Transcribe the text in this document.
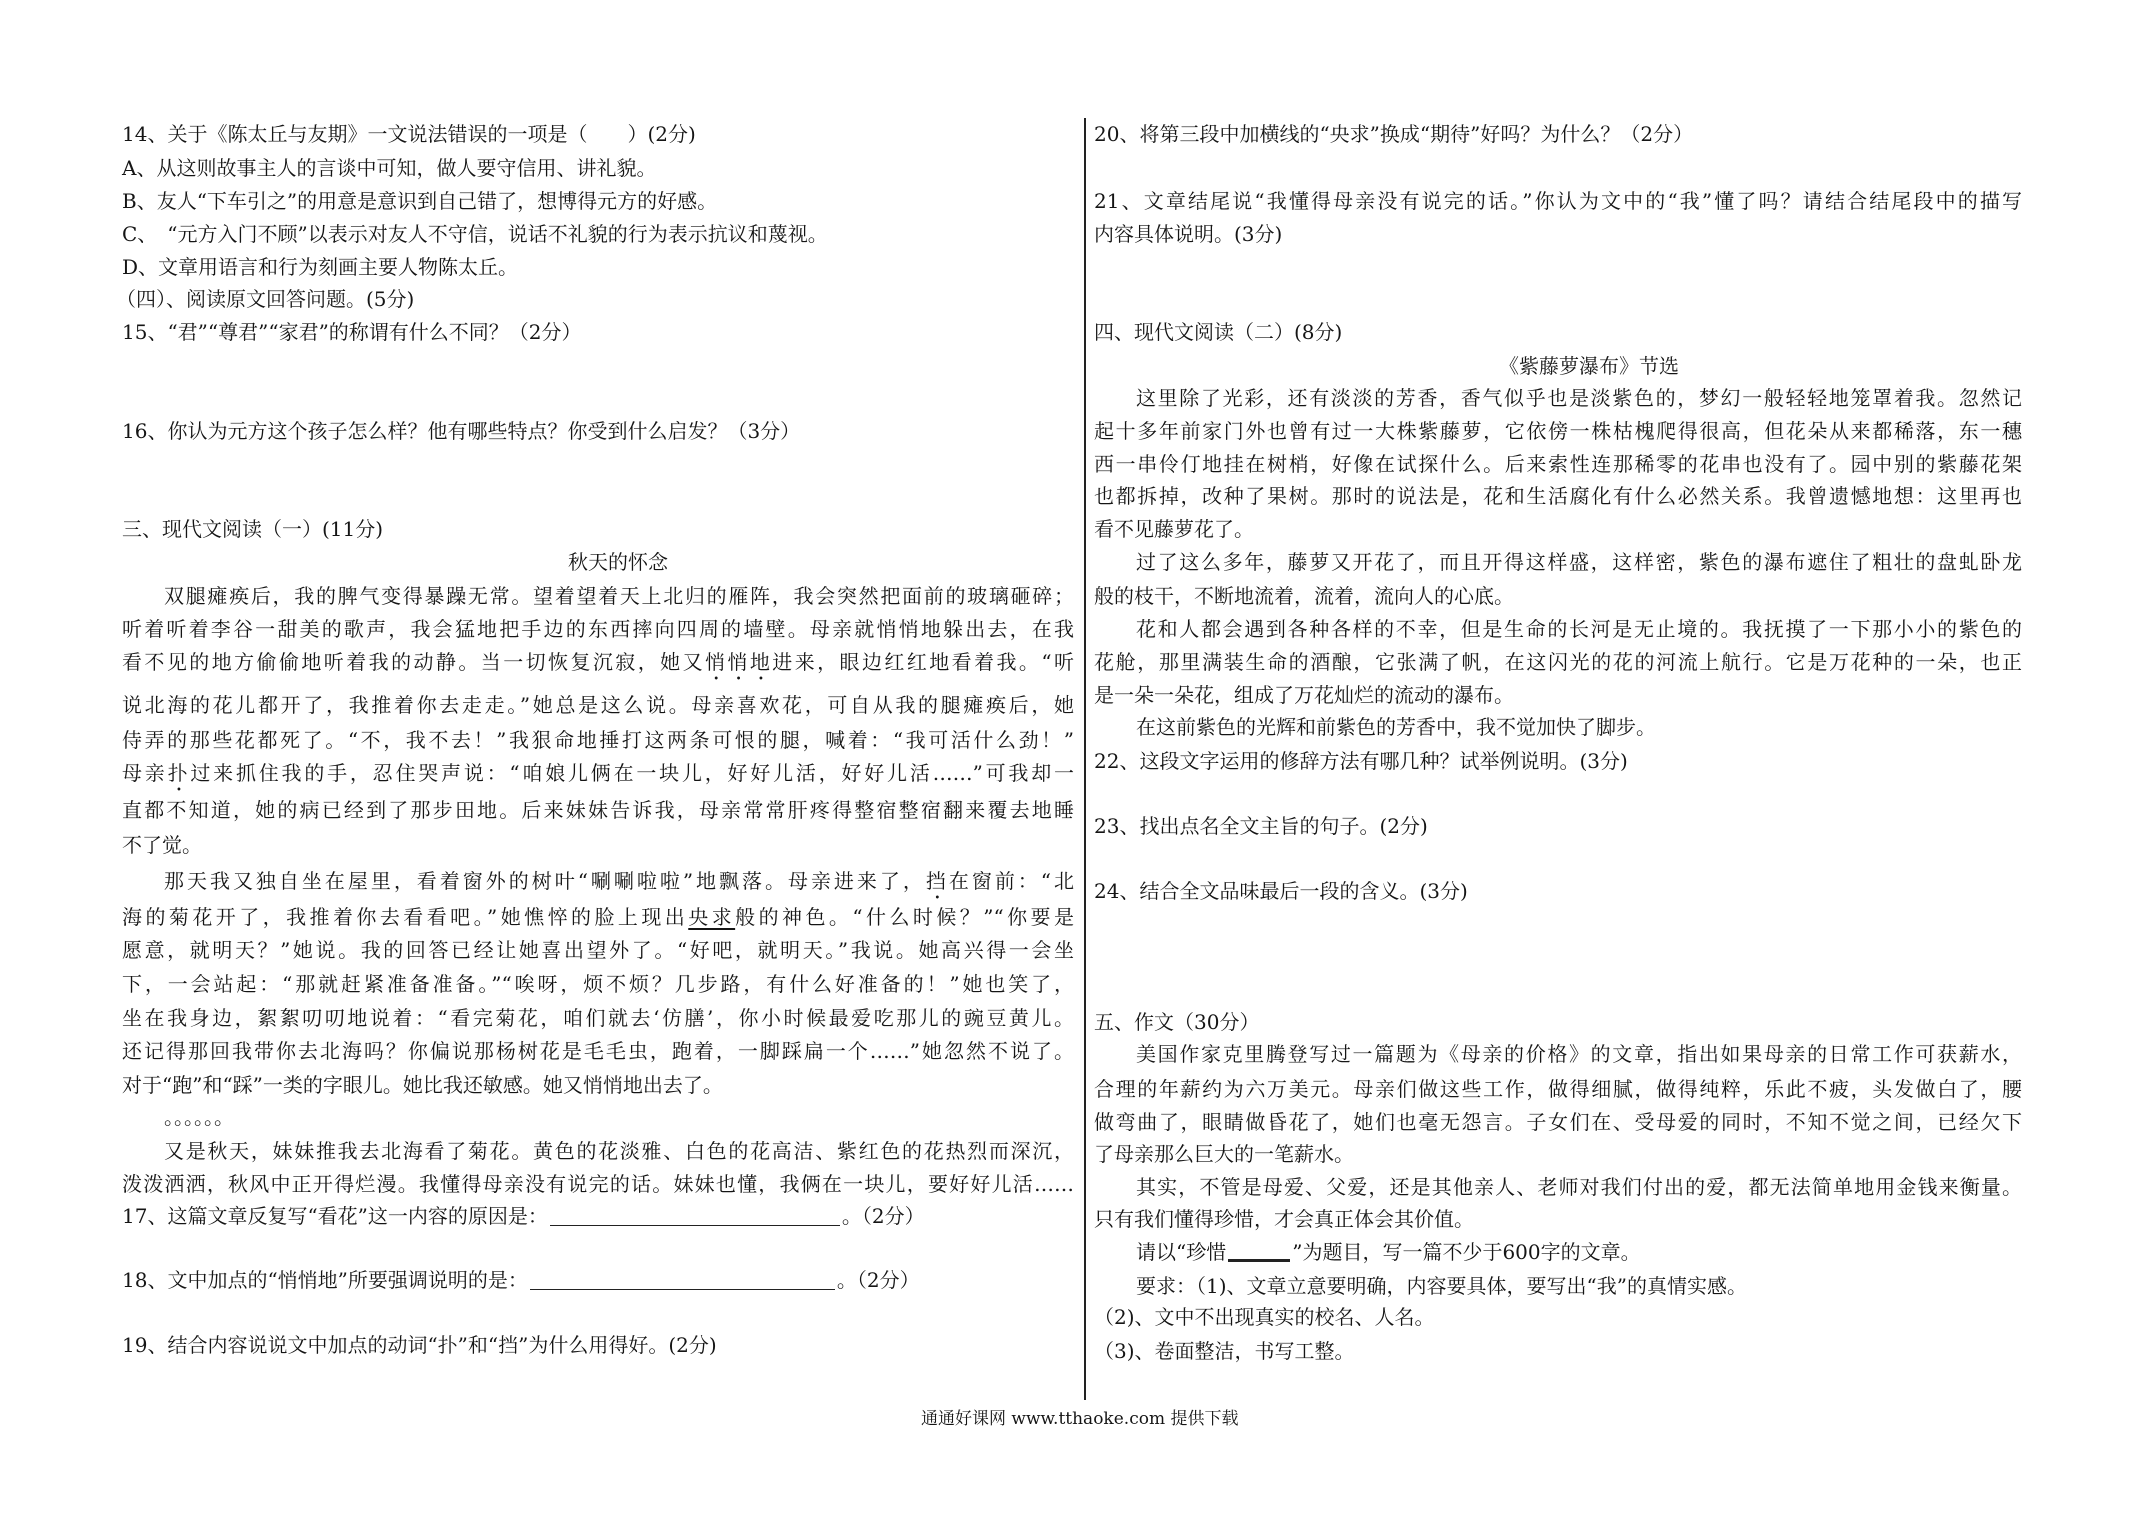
14、关于《陈太丘与友期》一文说法错误的一项是（　　）(2分)
A、从这则故事主人的言谈中可知，做人要守信用、讲礼貌。
B、友人“下车引之”的用意是意识到自己错了，想博得元方的好感。
C、　“元方入门不顾”以表示对友人不守信，说话不礼貌的行为表示抗议和蔑视。
D、文章用语言和行为刻画主要人物陈太丘。
（四）、阅读原文回答问题。(5分)
15、“君”“尊君”“家君”的称谓有什么不同？（2分）
16、你认为元方这个孩子怎么样？他有哪些特点？你受到什么启发？（3分）
三、现代文阅读（一）(11分)
秋天的怀念
双腿瘫痪后，我的脾气变得暴躁无常。望着望着天上北归的雁阵，我会突然把面前的玻璃砸碎；
听着听着李谷一甜美的歌声，我会猛地把手边的东西摔向四周的墙壁。母亲就悄悄地躲出去，在我
看不见的地方偷偷地听着我的动静。当一切恢复沉寂，她又悄悄地进来，眼边红红地看着我。“听
说北海的花儿都开了，我推着你去走走。”她总是这么说。母亲喜欢花，可自从我的腿瘫痪后，她
侍弄的那些花都死了。“不，我不去！”我狠命地捶打这两条可恨的腿，喊着：“我可活什么劲！”
母亲扑过来抓住我的手，忍住哭声说：“咱娘儿俩在一块儿，好好儿活，好好儿活……”可我却一
直都不知道，她的病已经到了那步田地。后来妹妹告诉我，母亲常常肝疼得整宿整宿翻来覆去地睡
不了觉。
那天我又独自坐在屋里，看着窗外的树叶“唰唰啦啦”地飘落。母亲进来了，挡在窗前：“北
海的菊花开了，我推着你去看看吧。”她憔悴的脸上现出央求般的神色。“什么时候？”“你要是
愿意，就明天？”她说。我的回答已经让她喜出望外了。“好吧，就明天。”我说。她高兴得一会坐
下，一会站起：“那就赶紧准备准备。”“唉呀，烦不烦？几步路，有什么好准备的！”她也笑了，
坐在我身边，絮絮叨叨地说着：“看完菊花，咱们就去‘仿膳’，你小时候最爱吃那儿的豌豆黄儿。
还记得那回我带你去北海吗？你偏说那杨树花是毛毛虫，跑着，一脚踩扁一个……”她忽然不说了。
对于“跑”和“踩”一类的字眼儿。她比我还敏感。她又悄悄地出去了。
。。。。。。
又是秋天，妹妹推我去北海看了菊花。黄色的花淡雅、白色的花高洁、紫红色的花热烈而深沉，
泼泼洒洒，秋风中正开得烂漫。我懂得母亲没有说完的话。妹妹也懂，我俩在一块儿，要好好儿活……
17、这篇文章反复写“看花”这一内容的原因是：	。（2分）
18、文中加点的“悄悄地”所要强调说明的是：	。（2分）
19、结合内容说说文中加点的动词“扑”和“挡”为什么用得好。(2分)
20、将第三段中加横线的“央求”换成“期待”好吗？为什么？（2分）
21、文章结尾说“我懂得母亲没有说完的话。”你认为文中的“我”懂了吗？请结合结尾段中的描写
内容具体说明。(3分)
四、现代文阅读（二）(8分)
《紫藤萝瀑布》节选
这里除了光彩，还有淡淡的芳香，香气似乎也是淡紫色的，梦幻一般轻轻地笼罩着我。忽然记
起十多年前家门外也曾有过一大株紫藤萝，它依傍一株枯槐爬得很高，但花朵从来都稀落，东一穗
西一串伶仃地挂在树梢，好像在试探什么。后来索性连那稀零的花串也没有了。园中别的紫藤花架
也都拆掉，改种了果树。那时的说法是，花和生活腐化有什么必然关系。我曾遗憾地想：这里再也
看不见藤萝花了。
过了这么多年，藤萝又开花了，而且开得这样盛，这样密，紫色的瀑布遮住了粗壮的盘虬卧龙
般的枝干，不断地流着，流着，流向人的心底。
花和人都会遇到各种各样的不幸，但是生命的长河是无止境的。我抚摸了一下那小小的紫色的
花舱，那里满装生命的酒酿，它张满了帆，在这闪光的花的河流上航行。它是万花种的一朵，也正
是一朵一朵花，组成了万花灿烂的流动的瀑布。
在这前紫色的光辉和前紫色的芳香中，我不觉加快了脚步。
22、这段文字运用的修辞方法有哪几种？试举例说明。(3分)
23、找出点名全文主旨的句子。(2分)
24、结合全文品味最后一段的含义。(3分)
五、作文（30分）
美国作家克里腾登写过一篇题为《母亲的价格》的文章，指出如果母亲的日常工作可获薪水，
合理的年薪约为六万美元。母亲们做这些工作，做得细腻，做得纯粹，乐此不疲，头发做白了，腰
做弯曲了，眼睛做昏花了，她们也毫无怨言。子女们在、受母爱的同时，不知不觉之间，已经欠下
了母亲那么巨大的一笔薪水。
其实，不管是母爱、父爱，还是其他亲人、老师对我们付出的爱，都无法简单地用金钱来衡量。
只有我们懂得珍惜，才会真正体会其价值。
请以“珍惜	”为题目，写一篇不少于600字的文章。
要求：（1)、文章立意要明确，内容要具体，要写出“我”的真情实感。
（2)、文中不出现真实的校名、人名。
（3)、卷面整洁，书写工整。
通通好课网 www.tthaoke.com 提供下载
